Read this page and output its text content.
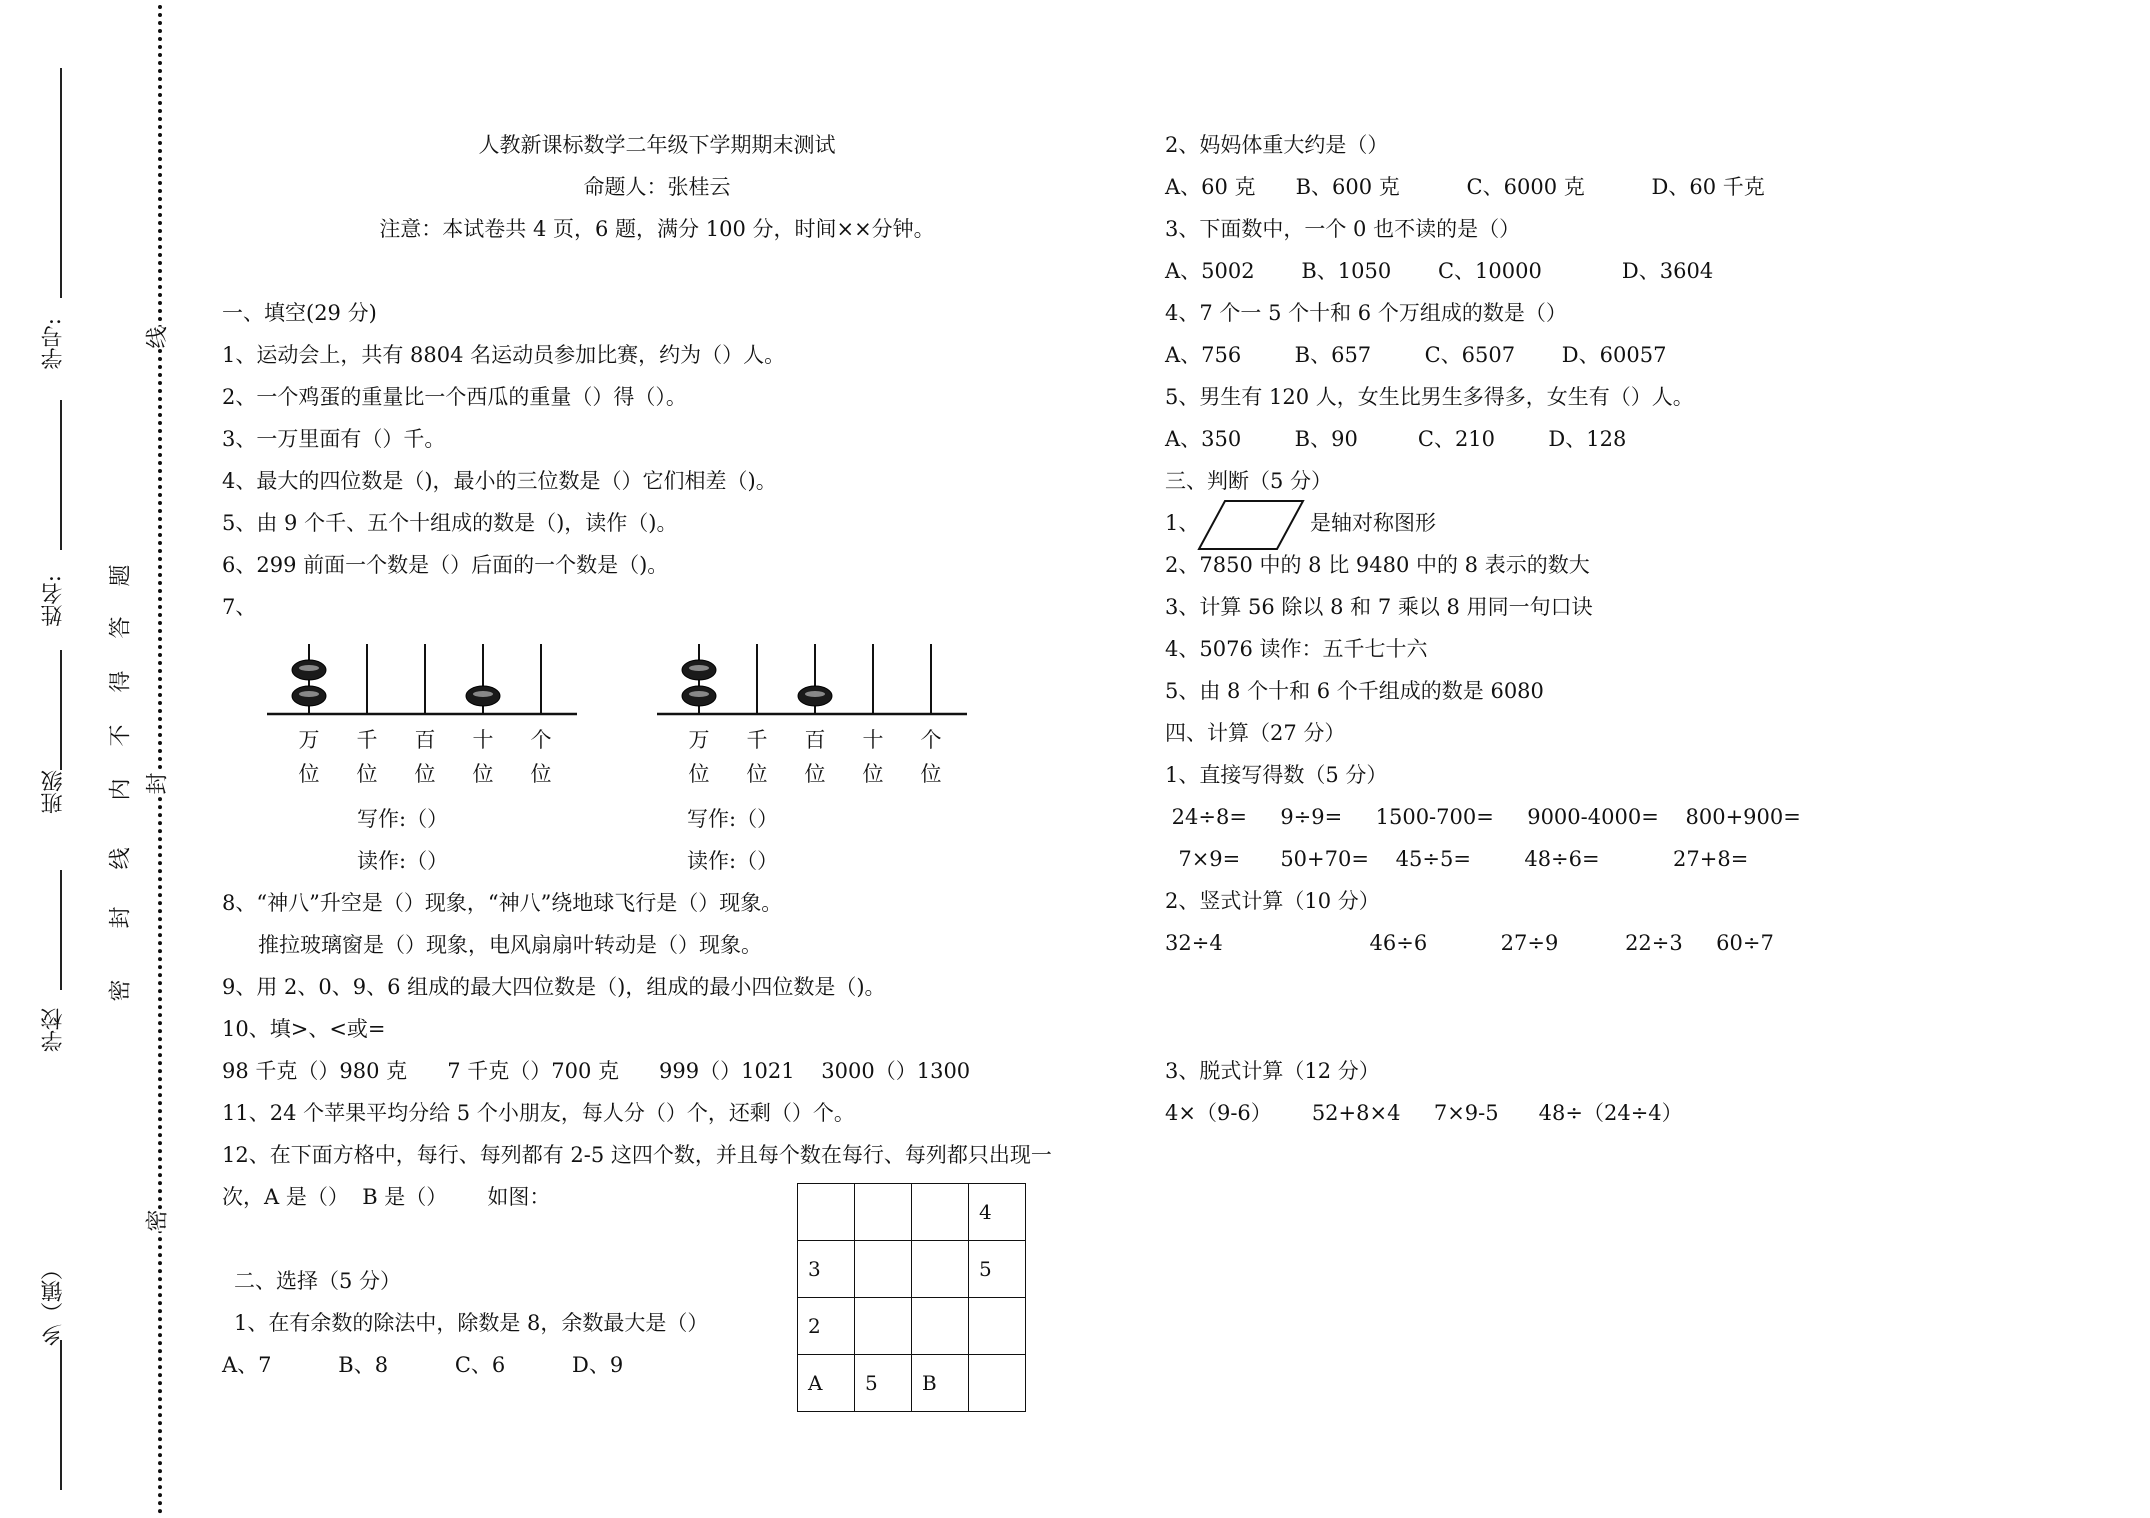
学号:
姓名:
班级
学校
乡（镇）
题
答
得
不
内
线
封
密
线
封
密
人教新课标数学二年级下学期期末测试
命题人：张桂云
注意：本试卷共 4 页，6 题，满分 100 分，时间××分钟。
一、填空(29 分)
1、运动会上，共有 8804 名运动员参加比赛，约为（）人。
2、一个鸡蛋的重量比一个西瓜的重量（）得（）。
3、一万里面有（）千。
4、最大的四位数是（)，最小的三位数是（）它们相差（)。
5、由 9 个千、五个十组成的数是（)，读作（)。
6、299 前面一个数是（）后面的一个数是（)。
7、
万
位
千
位
百
位
十
位
个
位
万
位
千
位
百
位
十
位
个
位
写作:（）
读作:（）
写作:（）
读作:（）
8、“神八”升空是（）现象，“神八”绕地球飞行是（）现象。
推拉玻璃窗是（）现象，电风扇扇叶转动是（）现象。
9、用 2、0、9、6 组成的最大四位数是（)，组成的最小四位数是（)。
10、填>、<或=
98 千克（）980 克      7 千克（）700 克      999（）1021    3000（）1300
11、24 个苹果平均分给 5 个小朋友，每人分（）个，还剩（）个。
12、在下面方格中，每行、每列都有 2-5 这四个数，并且每个数在每行、每列都只出现一
次，A 是（）  B 是（）      如图：
二、选择（5 分）
1、在有余数的除法中，除数是 8，余数最大是（）
A、7          B、8          C、6          D、9
			4
3			5
2			
A	5	B	
2、妈妈体重大约是（）
A、60 克      B、600 克          C、6000 克          D、60 千克
3、下面数中，一个 0 也不读的是（）
A、5002       B、1050       C、10000            D、3604
4、7 个一 5 个十和 6 个万组成的数是（）
A、756        B、657        C、6507       D、60057
5、男生有 120 人，女生比男生多得多，女生有（）人。
A、350        B、90         C、210        D、128
三、判断（5 分）
1、	是轴对称图形
2、7850 中的 8 比 9480 中的 8 表示的数大
3、计算 56 除以 8 和 7 乘以 8 用同一句口诀
4、5076 读作：五千七十六
5、由 8 个十和 6 个千组成的数是 6080
四、计算（27 分）
1、直接写得数（5 分）
24÷8=     9÷9=     1500-700=     9000-4000=    800+900=
7×9=      50+70=    45÷5=        48÷6=           27+8=
2、竖式计算（10 分）
32÷4                      46÷6           27÷9          22÷3     60÷7
3、脱式计算（12 分）
4×（9-6）      52+8×4     7×9-5      48÷（24÷4）
